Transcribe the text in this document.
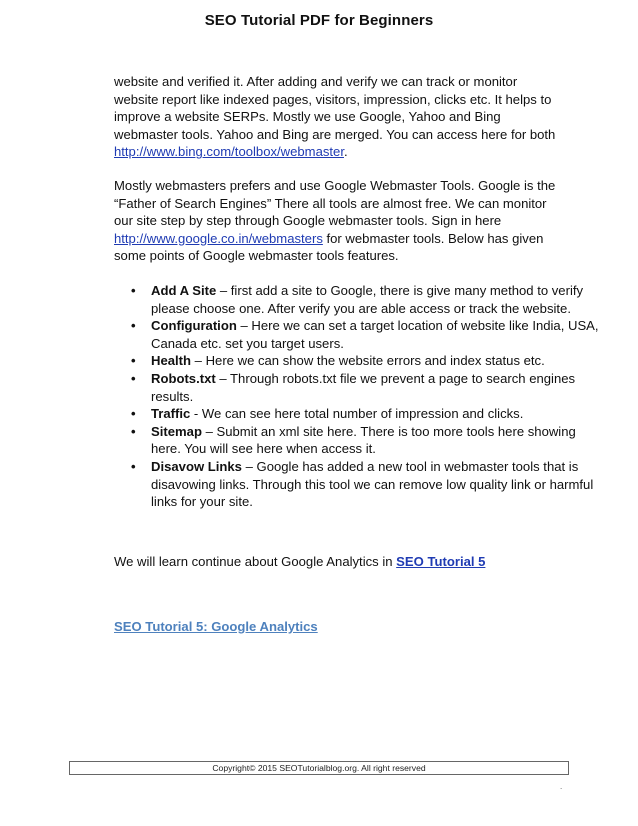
SEO Tutorial PDF for Beginners
website and verified it. After adding and verify we can track or monitor website report like indexed pages, visitors, impression, clicks etc. It helps to improve a website SERPs. Mostly we use Google, Yahoo and Bing webmaster tools. Yahoo and Bing are merged. You can access here for both http://www.bing.com/toolbox/webmaster.
Mostly webmasters prefers and use Google Webmaster Tools. Google is the “Father of Search Engines” There all tools are almost free. We can monitor our site step by step through Google webmaster tools. Sign in here http://www.google.co.in/webmasters for webmaster tools. Below has given some points of Google webmaster tools features.
• Add A Site – first add a site to Google, there is give many method to verify please choose one. After verify you are able access or track the website.
• Configuration – Here we can set a target location of website like India, USA, Canada etc. set you target users.
• Health – Here we can show the website errors and index status etc.
• Robots.txt – Through robots.txt file we prevent a page to search engines results.
• Traffic - We can see here total number of impression and clicks.
• Sitemap – Submit an xml site here. There is too more tools here showing here. You will see here when access it.
• Disavow Links – Google has added a new tool in webmaster tools that is disavowing links. Through this tool we can remove low quality link or harmful links for your site.
We will learn continue about Google Analytics in SEO Tutorial 5
SEO Tutorial 5: Google Analytics
Copyright© 2015 SEOTutorialblog.org. All right reserved
.
